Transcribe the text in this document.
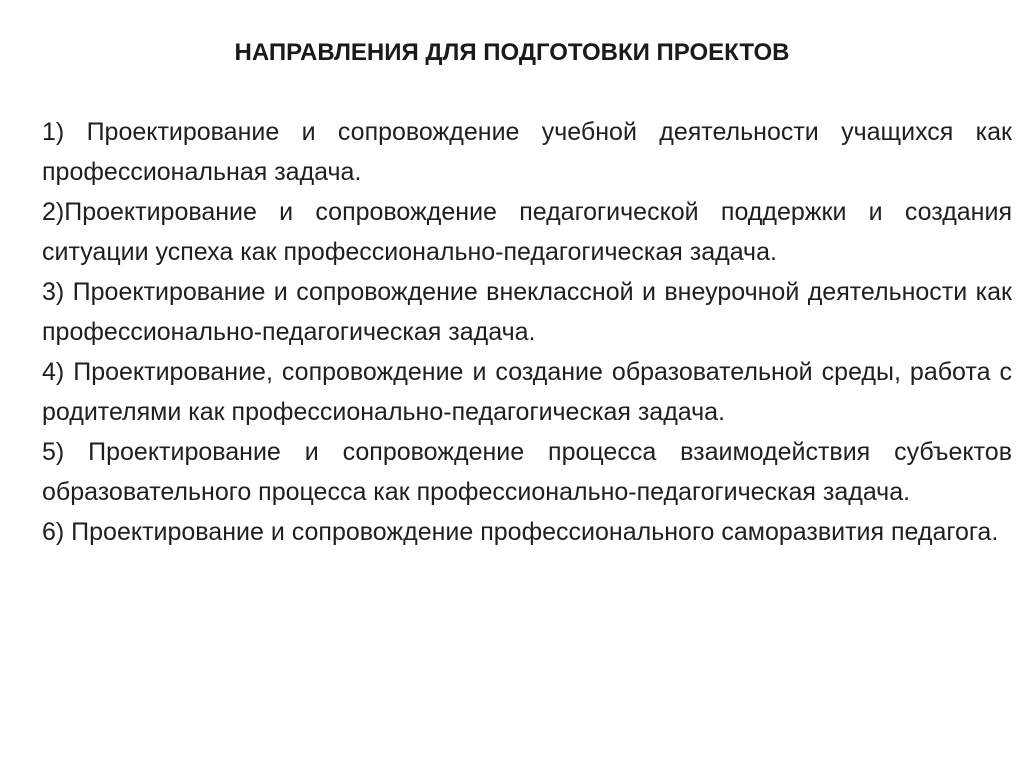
НАПРАВЛЕНИЯ ДЛЯ ПОДГОТОВКИ ПРОЕКТОВ
1) Проектирование и сопровождение учебной деятельности учащихся как профессиональная задача.
2)Проектирование и сопровождение педагогической поддержки и создания ситуации успеха как профессионально-педагогическая задача.
3) Проектирование и сопровождение внеклассной и внеурочной деятельности как профессионально-педагогическая задача.
4) Проектирование, сопровождение и создание образовательной среды, работа с родителями как профессионально-педагогическая задача.
5) Проектирование и сопровождение процесса взаимодействия субъектов образовательного процесса как профессионально-педагогическая задача.
6) Проектирование и сопровождение профессионального саморазвития педагога.
